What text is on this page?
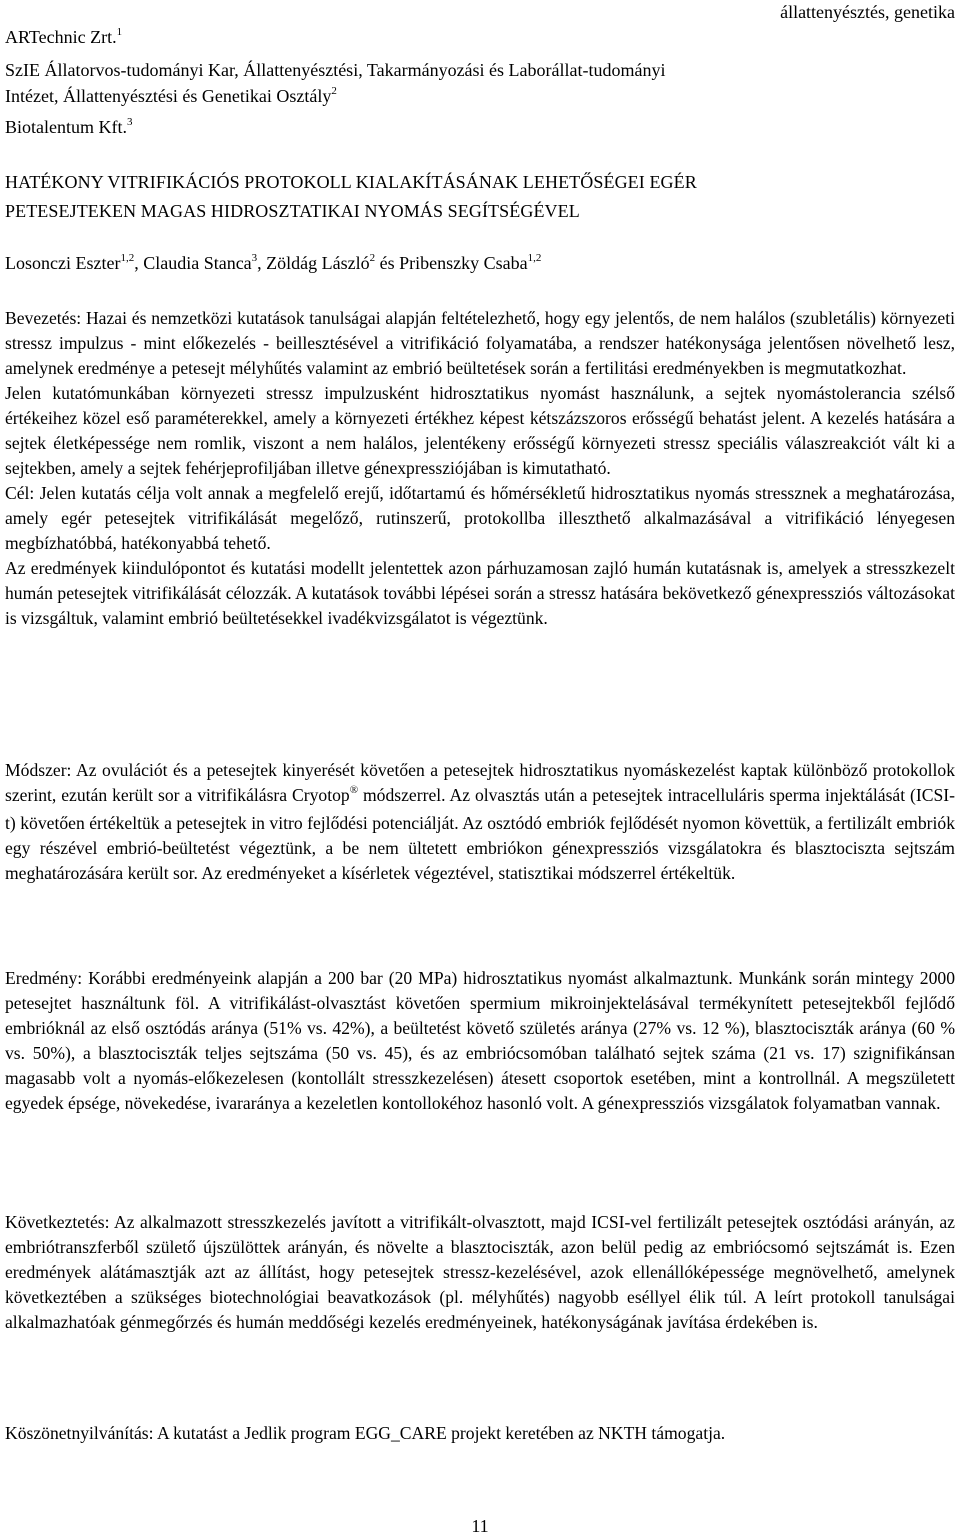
állattenyésztés, genetika
ARTechnic Zrt.$^1$
SzIE Állatorvos-tudományi Kar, Állattenyésztési, Takarmányozási és Laborállat-tudományi
Intézet, Állattenyésztési és Genetikai Osztály$^2$
Biotalentum Kft.$^3$
HATÉKONY VITRIFIKÁCIÓS PROTOKOLL KIALAKÍTÁSÁNAK LEHETŐSÉGEI EGÉR
PETESEJTEKEN MAGAS HIDROSZTATIKAI NYOMÁS SEGÍTSÉGÉVEL
Losonczi Eszter$^{1,2}$, Claudia Stanca$^3$, Zöldág László$^2$ és Pribenszky Csaba$^{1,2}$

Bevezetés: Hazai és nemzetközi kutatások tanulságai alapján feltételezhető, hogy egy jelentős, de nem halálos (szubletális) környezeti stressz impulzus - mint előkezelés - beillesztésével a vitrifikáció folyamatába, a rendszer hatékonysága jelentősen növelhető lesz, amelynek eredménye a petesejt mélyhűtés valamint az embrió beültetések során a fertilitási eredményekben is megmutatkozhat.

Jelen kutatómunkában környezeti stressz impulzusként hidrosztatikus nyomást használunk, a sejtek nyomástolerancia szélső értékeihez közel eső paraméterekkel, amely a környezeti értékhez képest kétszázszoros erősségű behatást jelent. A kezelés hatására a sejtek életképessége nem romlik, viszont a nem halálos, jelentékeny erősségű környezeti stressz speciális válaszreakciót vált ki a sejtekben, amely a sejtek fehérjeprofiljában illetve génexpressziójában is kimutatható.

Cél: Jelen kutatás célja volt annak a megfelelő erejű, időtartamú és hőmérsékletű hidrosztatikus nyomás stressznek a meghatározása, amely egér petesejtek vitrifikálását megelőző, rutinszerű, protokollba illeszthető alkalmazásával a vitrifikáció lényegesen megbízhatóbbá, hatékonyabbá tehető.

Az eredmények kiindulópontot és kutatási modellt jelentettek azon párhuzamosan zajló humán kutatásnak is, amelyek a stresszkezelt humán petesejtek vitrifikálását célozzák. A kutatások további lépései során a stressz hatására bekövetkező génexpressziós változásokat is vizsgáltuk, valamint embrió beültetésekkel ivadékvizsgálatot is végeztünk.

Módszer: Az ovulációt és a petesejtek kinyerését követően a petesejtek hidrosztatikus nyomáskezelést kaptak különböző protokollok szerint, ezután került sor a vitrifikálásra Cryotop® módszerrel. Az olvasztás után a petesejtek intracelluláris sperma injektálását (ICSI-t) követően értékeltük a petesejtek in vitro fejlődési potenciálját. Az osztódó embriók fejlődését nyomon követtük, a fertilizált embriók egy részével embrió-beültetést végeztünk, a be nem ültetett embriókon génexpressziós vizsgálatokra és blasztociszta sejtszám meghatározására került sor. Az eredményeket a kísérletek végeztével, statisztikai módszerrel értékeltük.

Eredmény: Korábbi eredményeink alapján a 200 bar (20 MPa) hidrosztatikus nyomást alkalmaztunk. Munkánk során mintegy 2000 petesejtet használtunk föl. A vitrifikálást-olvasztást követően spermium mikroinjektelásával termékynített petesejtekből fejlődő embrióknál az első osztódás aránya (51% vs. 42%), a beültetést követő születés aránya (27% vs. 12 %), blasztociszták aránya (60 % vs. 50%), a blasztociszták teljes sejtszáma (50 vs. 45), és az embriócsomóban található sejtek száma (21 vs. 17) szignifikánsan magasabb volt a nyomás-előkezelesen (kontollált stresszkezelésen) átesett csoportok esetében, mint a kontrollnál. A megszületett egyedek épsége, növekedése, ivararánya a kezeletlen kontollokéhoz hasonló volt. A génexpressziós vizsgálatok folyamatban vannak.

Következtetés: Az alkalmazott stresszkezelés javított a vitrifikált-olvasztott, majd ICSI-vel fertilizált petesejtek osztódási arányán, az embriótranszferből születő újszülöttek arányán, és növelte a blasztociszták, azon belül pedig az embriócsomó sejtszámát is. Ezen eredmények alátámasztják azt az állítást, hogy petesejtek stressz-kezelésével, azok ellenállóképessége megnövelhető, amelynek következtében a szükséges biotechnológiai beavatkozások (pl. mélyhűtés) nagyobb eséllyel élik túl. A leírt protokoll tanulságai alkalmazhatóak génmegőrzés és humán meddőségi kezelés eredményeinek, hatékonyságának javítása érdekében is.

Köszönetnyilvánítás: A kutatást a Jedlik program EGG_CARE projekt keretében az NKTH támogatja.

11
